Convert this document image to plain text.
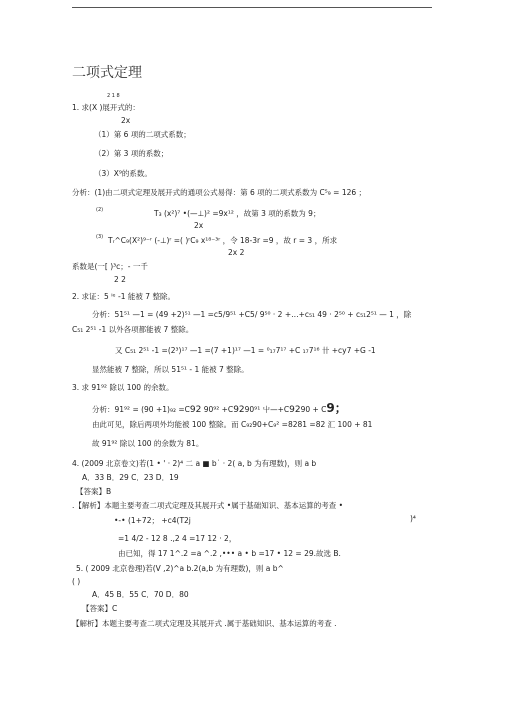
二项式定理
2 1 8
1. 求(X )展开式的：
2x
（1）第 6 项的二项式系数；
（2）第 3 项的系数；
（3）X⁹的系数。
分析：(1)由二项式定理及展开式的通项公式易得：第 6 项的二项式系数为 C⁵₉ = 126 ；
(2)	T₃ (x²)⁷ •(—⊥)² =9x¹² ，故第 3 项的系数为 9；
2x
(3) Tᵣ^C₉(X²)⁹⁻ʳ (-⊥)ʳ =( )ʳC₉ x¹⁸⁻³ʳ ，令 18-3r =9 ，故 r = 3 ，所求
2x 2
系数是(一[ )³c；- 一千
2 2
2. 求证：5 ⁱᵉ -1 能被 7 整除。
分析：51⁵¹ —1 = (49 +2)⁵¹ —1 =c5/9⁵¹ +C5/ 9⁵⁰ · 2 +…+c₅₁ 49 · 2⁵⁰ + c₅₁2⁵¹ — 1 ，除
C₅₁ 2⁵¹ -1 以外各项都能被 7 整除。
又 C₅₁ 2⁵¹ -1 =(2³)¹⁷ —1 =(7 +1)¹⁷ —1 = ⁰₁₇7¹⁷ +C ₁₇7¹⁶ 卄 +cy7 +G -1
显然能被 7 整除，所以 51⁵¹ - 1 能被 7 整除。
3. 求 91⁹² 除以 100 的余数。
分析：91⁹² = (90 +1)₉₂ =C92 90⁹² +C9290⁹¹ 屮—+C9290 + C9；
由此可见，除后两项外均能被 100 整除。而 C₉₂90+C₉² =8281 =82 汇 100 + 81
故 91⁹² 除以 100 的余数为 81。
4. (2009 北京卷文)若(1 • ' · 2)⁴ 二 a ■ b˙ · 2( a, b 为有理数)，则 a b
A．33 B．29 C．23 D．19
【答案】B
.【解析】本题主要考查二项式定理及其展开式 •属于基础知识、基本运算的考查 •
•-• (1+72； +c4(T2j	)⁴
=1 4/2 - 12 8 .,2 4 =17 12 · 2，
由已知，得 17 1^.2 =a ^.2 ,••• a • b =17 • 12 = 29.故选 B.
5. ( 2009 北京卷理)若(V ,2)^a b.2(a,b 为有理数)，则 a b^
( )
A．45 B．55 C．70 D．80
【答案】C
【解析】本题主要考查二项式定理及其展开式 .属于基础知识、基本运算的考查 .
